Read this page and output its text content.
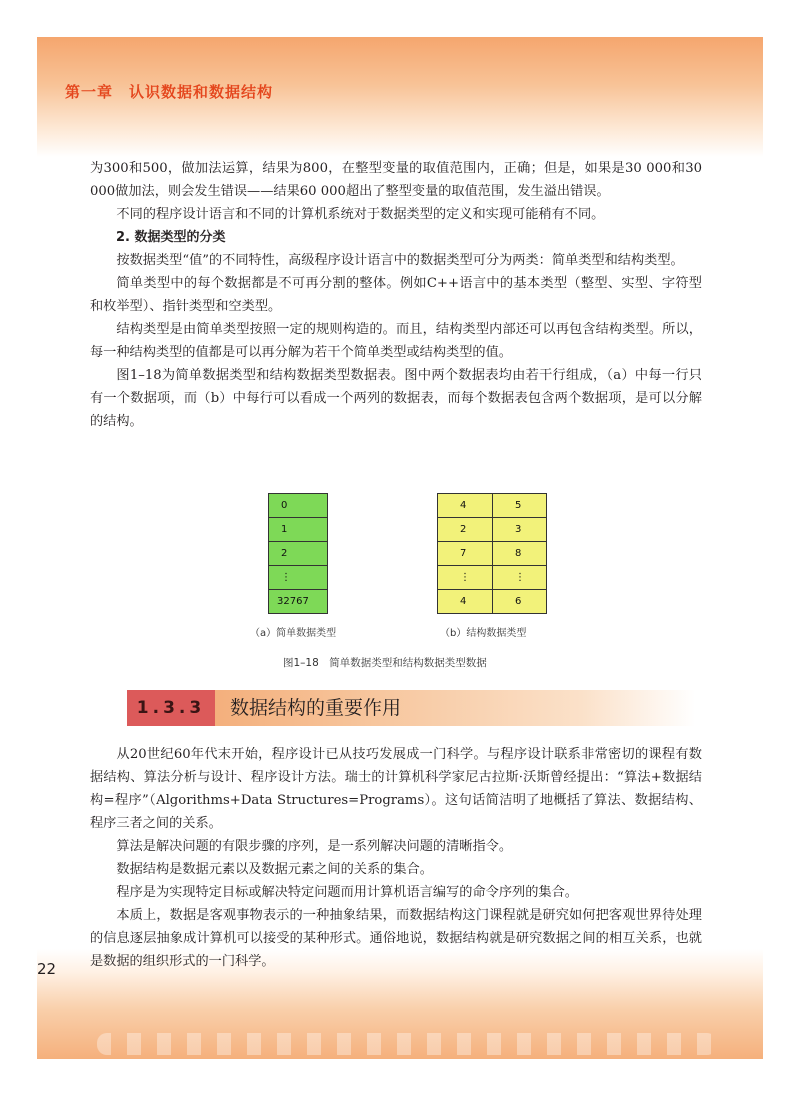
第一章　认识数据和数据结构

为300和500，做加法运算，结果为800，在整型变量的取值范围内，正确；但是，如果是30 000和30 000做加法，则会发生错误——结果60 000超出了整型变量的取值范围，发生溢出错误。

不同的程序设计语言和不同的计算机系统对于数据类型的定义和实现可能稍有不同。

2. 数据类型的分类

按数据类型“值”的不同特性，高级程序设计语言中的数据类型可分为两类：简单类型和结构类型。

简单类型中的每个数据都是不可再分割的整体。例如C++语言中的基本类型（整型、实型、字符型和枚举型）、指针类型和空类型。

结构类型是由简单类型按照一定的规则构造的。而且，结构类型内部还可以再包含结构类型。所以，每一种结构类型的值都是可以再分解为若干个简单类型或结构类型的值。

图1–18为简单数据类型和结构数据类型数据表。图中两个数据表均由若干行组成，（a）中每一行只有一个数据项，而（b）中每行可以看成一个两列的数据表，而每个数据表包含两个数据项，是可以分解的结构。

0
1
2
⋮
32767
4	5
2	3
7	8
⋮	⋮
4	6
（a）简单数据类型	（b）结构数据类型
图1–18　简单数据类型和结构数据类型数据
1.3.3	数据结构的重要作用

从20世纪60年代末开始，程序设计已从技巧发展成一门科学。与程序设计联系非常密切的课程有数据结构、算法分析与设计、程序设计方法。瑞士的计算机科学家尼古拉斯·沃斯曾经提出：“算法+数据结构=程序”（Algorithms+Data Structures=Programs）。这句话简洁明了地概括了算法、数据结构、程序三者之间的关系。

算法是解决问题的有限步骤的序列，是一系列解决问题的清晰指令。

数据结构是数据元素以及数据元素之间的关系的集合。

程序是为实现特定目标或解决特定问题而用计算机语言编写的命令序列的集合。

本质上，数据是客观事物表示的一种抽象结果，而数据结构这门课程就是研究如何把客观世界待处理的信息逐层抽象成计算机可以接受的某种形式。通俗地说，数据结构就是研究数据之间的相互关系，也就是数据的组织形式的一门科学。

22
